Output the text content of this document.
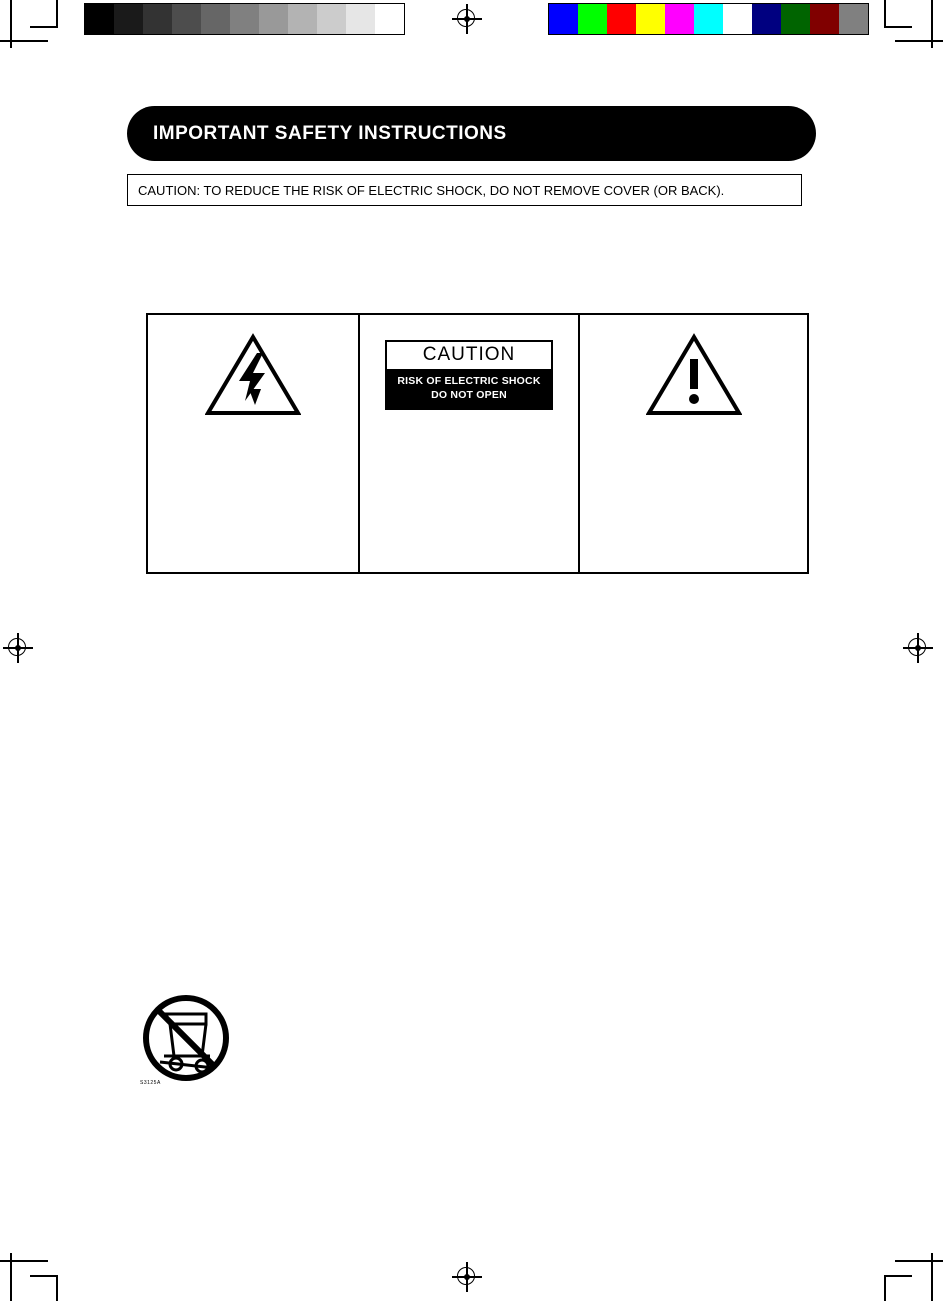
IMPORTANT SAFETY INSTRUCTIONS
CAUTION: TO REDUCE THE RISK OF ELECTRIC SHOCK, DO NOT REMOVE COVER (OR BACK).
CAUTION
RISK OF ELECTRIC SHOCK
DO NOT OPEN
S3125A
